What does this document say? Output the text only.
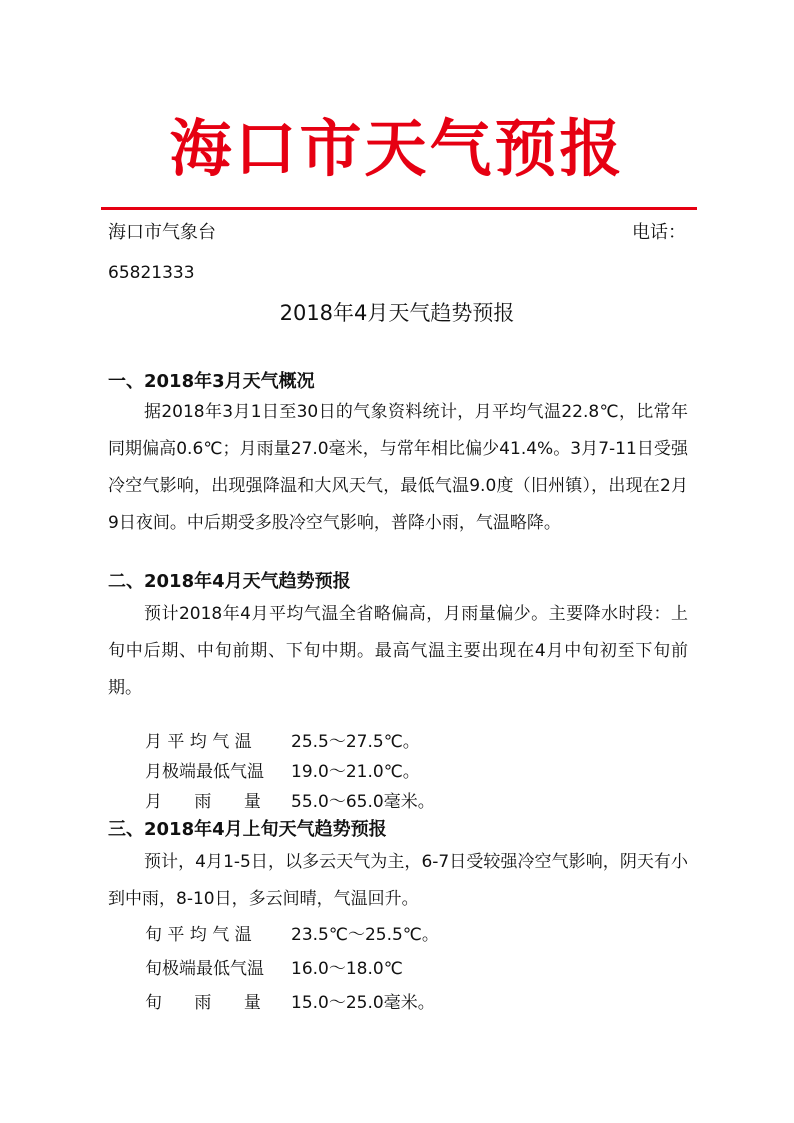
海口市天气预报
海口市气象台	电话：
65821333
2018年4月天气趋势预报
一、2018年3月天气概况
据2018年3月1日至30日的气象资料统计，月平均气温22.8℃，比常年同期偏高0.6℃；月雨量27.0毫米，与常年相比偏少41.4%。3月7-11日受强冷空气影响，出现强降温和大风天气，最低气温9.0度（旧州镇），出现在2月9日夜间。中后期受多股冷空气影响，普降小雨，气温略降。
二、2018年4月天气趋势预报
预计2018年4月平均气温全省略偏高，月雨量偏少。主要降水时段：上旬中后期、中旬前期、下旬中期。最高气温主要出现在4月中旬初至下旬前期。
月 平 均 气 温 25.5～27.5℃。
月极端最低气温 19.0～21.0℃。
月      雨      量 55.0～65.0毫米。
三、2018年4月上旬天气趋势预报
预计，4月1-5日，以多云天气为主，6-7日受较强冷空气影响，阴天有小到中雨，8-10日，多云间晴，气温回升。
旬 平 均 气 温 23.5℃～25.5℃。
旬极端最低气温 16.0～18.0℃
旬      雨      量 15.0～25.0毫米。
